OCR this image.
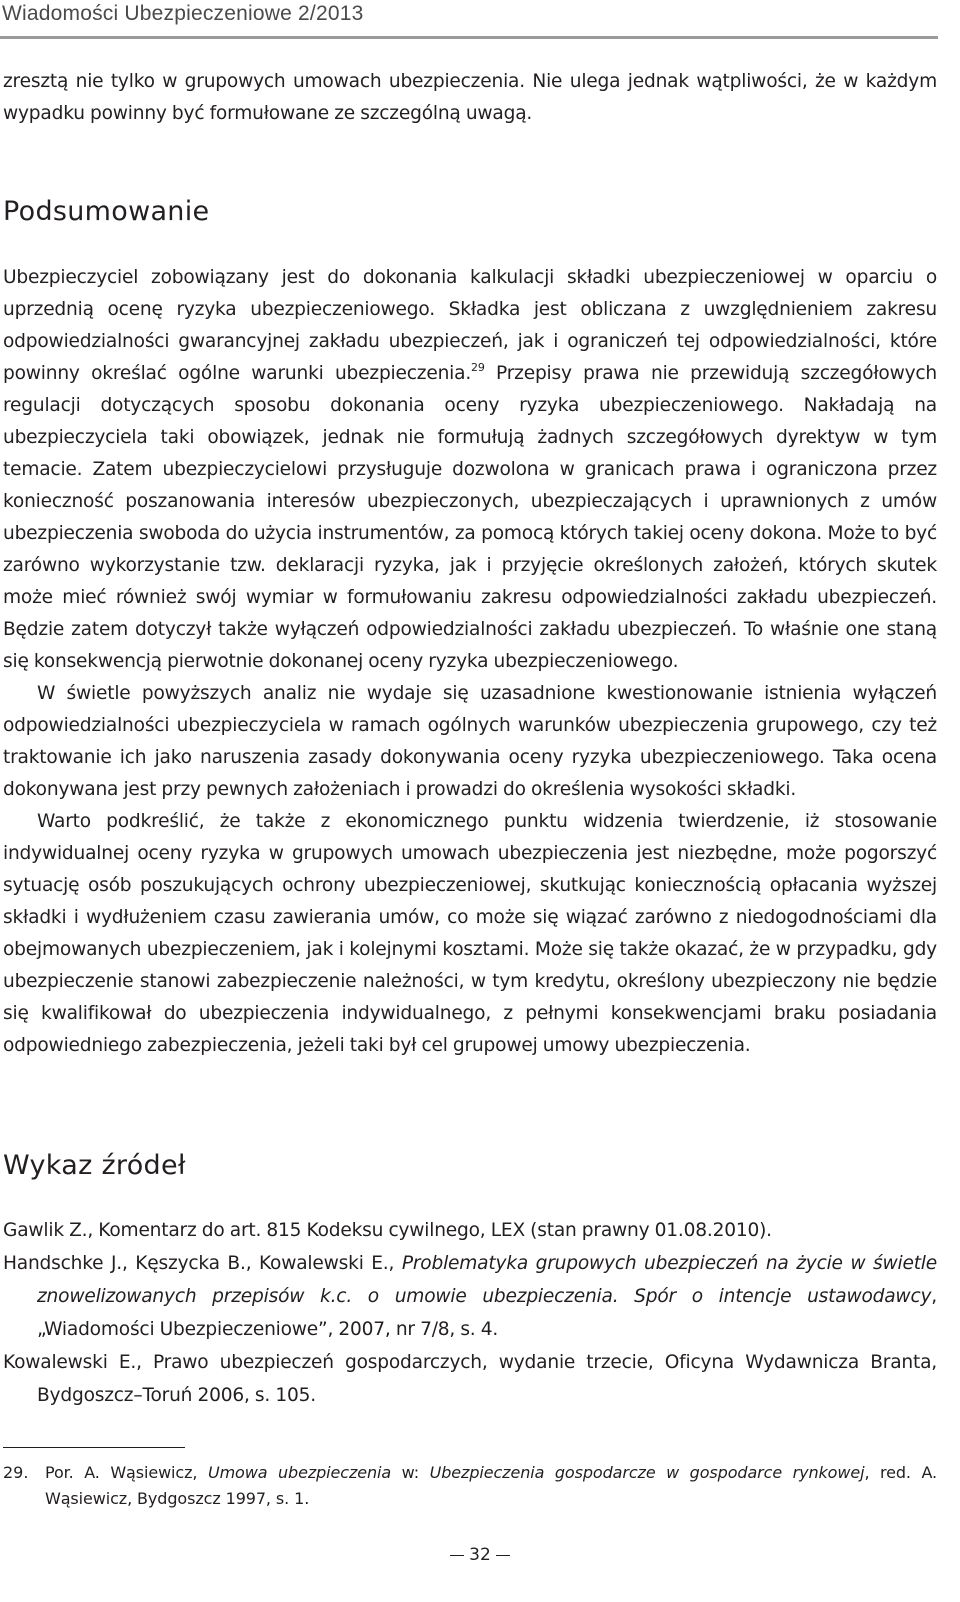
Wiadomości Ubezpieczeniowe 2/2013

zresztą nie tylko w grupowych umowach ubezpieczenia. Nie ulega jednak wątpliwości, że w każdym wypadku powinny być formułowane ze szczególną uwagą.

Podsumowanie

Ubezpieczyciel zobowiązany jest do dokonania kalkulacji składki ubezpieczeniowej w oparciu o uprzednią ocenę ryzyka ubezpieczeniowego. Składka jest obliczana z uwzględnieniem zakresu odpowiedzialności gwarancyjnej zakładu ubezpieczeń, jak i ograniczeń tej odpowiedzialności, które powinny określać ogólne warunki ubezpieczenia.$^{29}$ Przepisy prawa nie przewidują szczegółowych regulacji dotyczących sposobu dokonania oceny ryzyka ubezpieczeniowego. Nakładają na ubezpieczyciela taki obowiązek, jednak nie formułują żadnych szczegółowych dyrektyw w tym temacie. Zatem ubezpieczycielowi przysługuje dozwolona w granicach prawa i ograniczona przez konieczność poszanowania interesów ubezpieczonych, ubezpieczających i uprawnionych z umów ubezpieczenia swoboda do użycia instrumentów, za pomocą których takiej oceny dokona. Może to być zarówno wykorzystanie tzw. deklaracji ryzyka, jak i przyjęcie określonych założeń, których skutek może mieć również swój wymiar w formułowaniu zakresu odpowiedzialności zakładu ubezpieczeń. Będzie zatem dotyczył także wyłączeń odpowiedzialności zakładu ubezpieczeń. To właśnie one staną się konsekwencją pierwotnie dokonanej oceny ryzyka ubezpieczeniowego.

W świetle powyższych analiz nie wydaje się uzasadnione kwestionowanie istnienia wyłączeń odpowiedzialności ubezpieczyciela w ramach ogólnych warunków ubezpieczenia grupowego, czy też traktowanie ich jako naruszenia zasady dokonywania oceny ryzyka ubezpieczeniowego. Taka ocena dokonywana jest przy pewnych założeniach i prowadzi do określenia wysokości składki.

Warto podkreślić, że także z ekonomicznego punktu widzenia twierdzenie, iż stosowanie indywidualnej oceny ryzyka w grupowych umowach ubezpieczenia jest niezbędne, może pogorszyć sytuację osób poszukujących ochrony ubezpieczeniowej, skutkując koniecznością opłacania wyższej składki i wydłużeniem czasu zawierania umów, co może się wiązać zarówno z niedogodnościami dla obejmowanych ubezpieczeniem, jak i kolejnymi kosztami. Może się także okazać, że w przypadku, gdy ubezpieczenie stanowi zabezpieczenie należności, w tym kredytu, określony ubezpieczony nie będzie się kwalifikował do ubezpieczenia indywidualnego, z pełnymi konsekwencjami braku posiadania odpowiedniego zabezpieczenia, jeżeli taki był cel grupowej umowy ubezpieczenia.

Wykaz źródeł

Gawlik Z., Komentarz do art. 815 Kodeksu cywilnego, LEX (stan prawny 01.08.2010).

Handschke J., Kęszycka B., Kowalewski E., Problematyka grupowych ubezpieczeń na życie w świetle znowelizowanych przepisów k.c. o umowie ubezpieczenia. Spór o intencje ustawodawcy, „Wiadomości Ubezpieczeniowe”, 2007, nr 7/8, s. 4.

Kowalewski E., Prawo ubezpieczeń gospodarczych, wydanie trzecie, Oficyna Wydawnicza Branta, Bydgoszcz–Toruń 2006, s. 105.

29. Por. A. Wąsiewicz, Umowa ubezpieczenia w: Ubezpieczenia gospodarcze w gospodarce rynkowej, red. A. Wąsiewicz, Bydgoszcz 1997, s. 1.
32
